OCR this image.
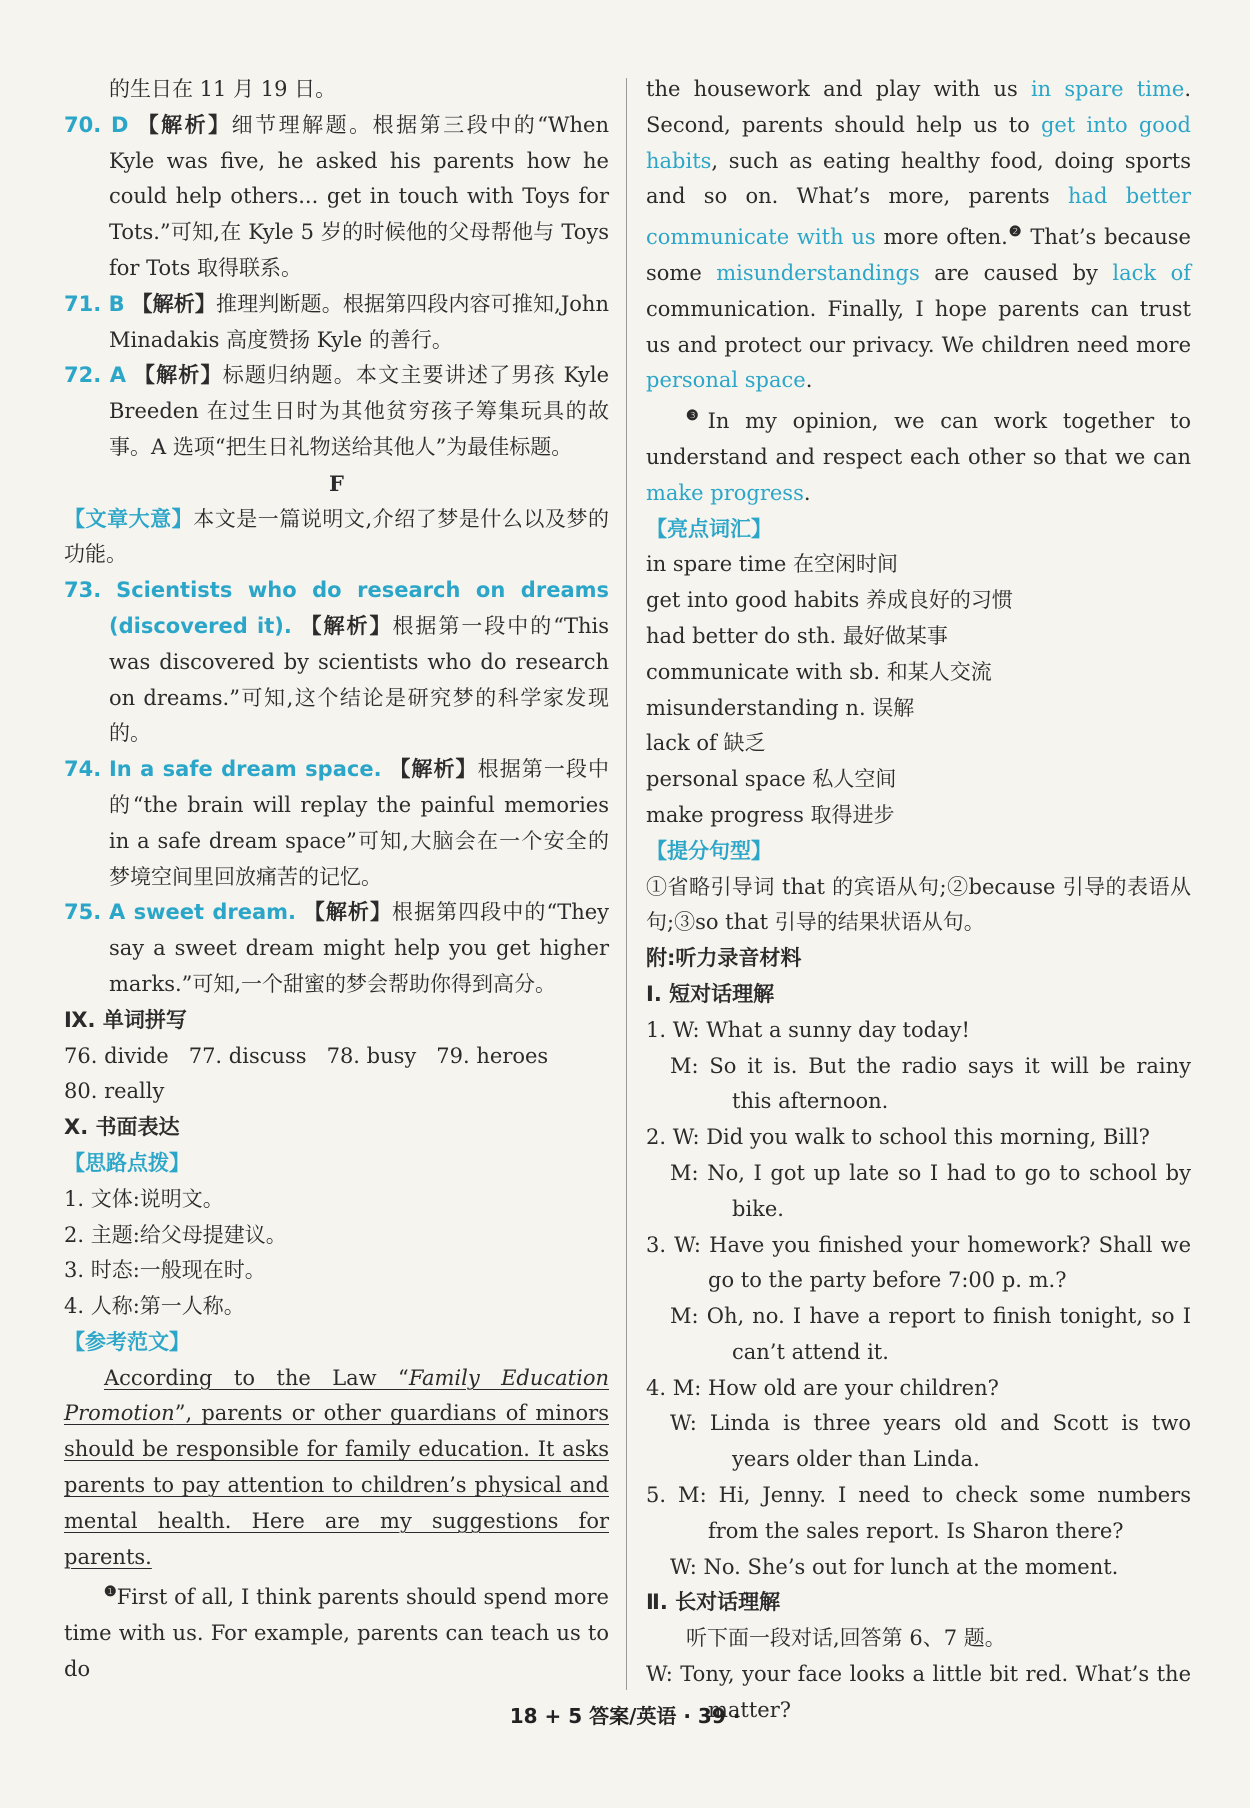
的生日在 11 月 19 日。

70. D 【解析】细节理解题。根据第三段中的“When Kyle was five, he asked his parents how he could help others... get in touch with Toys for Tots.”可知,在 Kyle 5 岁的时候他的父母帮他与 Toys for Tots 取得联系。

71. B 【解析】推理判断题。根据第四段内容可推知,John Minadakis 高度赞扬 Kyle 的善行。

72. A 【解析】标题归纳题。本文主要讲述了男孩 Kyle Breeden 在过生日时为其他贫穷孩子筹集玩具的故事。A 选项“把生日礼物送给其他人”为最佳标题。

F

【文章大意】本文是一篇说明文,介绍了梦是什么以及梦的功能。

73. Scientists who do research on dreams (discovered it). 【解析】根据第一段中的“This was discovered by scientists who do research on dreams.”可知,这个结论是研究梦的科学家发现的。

74. In a safe dream space. 【解析】根据第一段中的“the brain will replay the painful memories in a safe dream space”可知,大脑会在一个安全的梦境空间里回放痛苦的记忆。

75. A sweet dream. 【解析】根据第四段中的“They say a sweet dream might help you get higher marks.”可知,一个甜蜜的梦会帮助你得到高分。

Ⅸ. 单词拼写

76. divide   77. discuss   78. busy   79. heroes

80. really

X. 书面表达

【思路点拨】

1. 文体:说明文。

2. 主题:给父母提建议。

3. 时态:一般现在时。

4. 人称:第一人称。

【参考范文】

According to the Law “Family Education Promotion”, parents or other guardians of minors should be responsible for family education. It asks parents to pay attention to children’s physical and mental health. Here are my suggestions for parents.

$^❶$First of all, I think parents should spend more time with us. For example, parents can teach us to do

the housework and play with us in spare time. Second, parents should help us to get into good habits, such as eating healthy food, doing sports and so on. What’s more, parents had better communicate with us more often.$^❷$ That’s because some misunderstandings are caused by lack of communication. Finally, I hope parents can trust us and protect our privacy. We children need more personal space.

$^❸$In my opinion, we can work together to understand and respect each other so that we can make progress.

【亮点词汇】

in spare time 在空闲时间

get into good habits 养成良好的习惯

had better do sth. 最好做某事

communicate with sb. 和某人交流

misunderstanding n. 误解

lack of 缺乏

personal space 私人空间

make progress 取得进步

【提分句型】

①省略引导词 that 的宾语从句;②because 引导的表语从句;③so that 引导的结果状语从句。

附:听力录音材料

Ⅰ. 短对话理解

1. W: What a sunny day today!

M: So it is. But the radio says it will be rainy this afternoon.

2. W: Did you walk to school this morning, Bill?

M: No, I got up late so I had to go to school by bike.

3. W: Have you finished your homework? Shall we go to the party before 7:00 p. m.?

M: Oh, no. I have a report to finish tonight, so I can’t attend it.

4. M: How old are your children?

W: Linda is three years old and Scott is two years older than Linda.

5. M: Hi, Jenny. I need to check some numbers from the sales report. Is Sharon there?

W: No. She’s out for lunch at the moment.

Ⅱ. 长对话理解

听下面一段对话,回答第 6、7 题。

W: Tony, your face looks a little bit red. What’s the matter?

18 + 5 答案/英语 · 39 ·
